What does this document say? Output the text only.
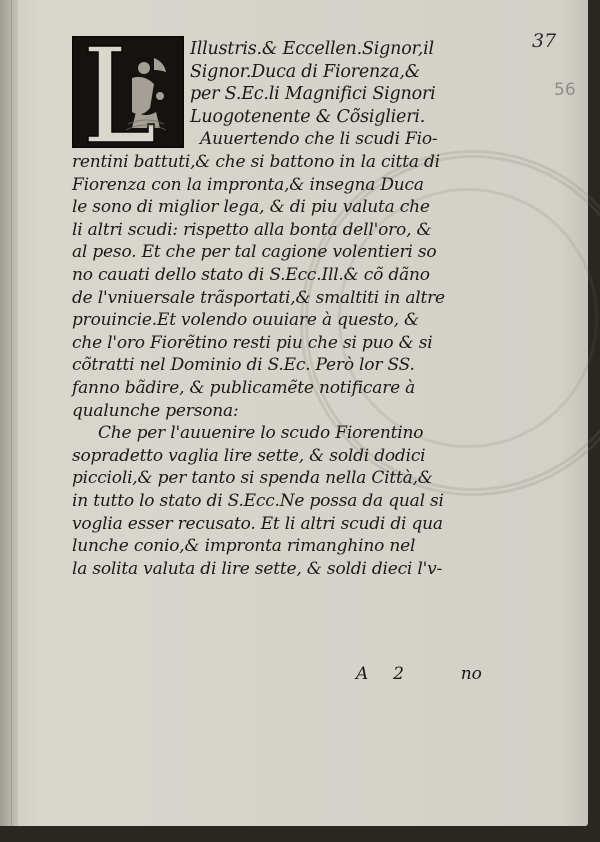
37
56
Illustris.& Eccellen.Signor,il
Signor.Duca di Fiorenza,&
per S.Ec.li Magnifici Signori
Luogotenente & Cõsiglieri.
Auuertendo che li scudi Fio-
rentini battuti,& che si battono in la citta di
Fiorenza con la impronta,& insegna Duca
le sono di miglior lega, & di piu valuta che
li altri scudi: rispetto alla bonta dell'oro, &
al peso. Et che per tal cagione volentieri so
no cauati dello stato di S.Ecc.Ill.& cõ dãno
de l'vniuersale trãsportati,& smaltiti in altre
prouincie.Et volendo ouuiare à questo, &
che l'oro Fiorẽtino resti piu che si puo & si
cõtratti nel Dominio di S.Ec. Però lor SS.
fanno bãdire, & publicamẽte notificare à
qualunche persona:
Che per l'auuenire lo scudo Fiorentino
sopradetto vaglia lire sette, & soldi dodici
piccioli,& per tanto si spenda nella Città,&
in tutto lo stato di S.Ecc.Ne possa da qual si
voglia esser recusato. Et li altri scudi di qua
lunche conio,& impronta rimanghino nel
la solita valuta di lire sette, & soldi dieci l'v-
A 2	no
